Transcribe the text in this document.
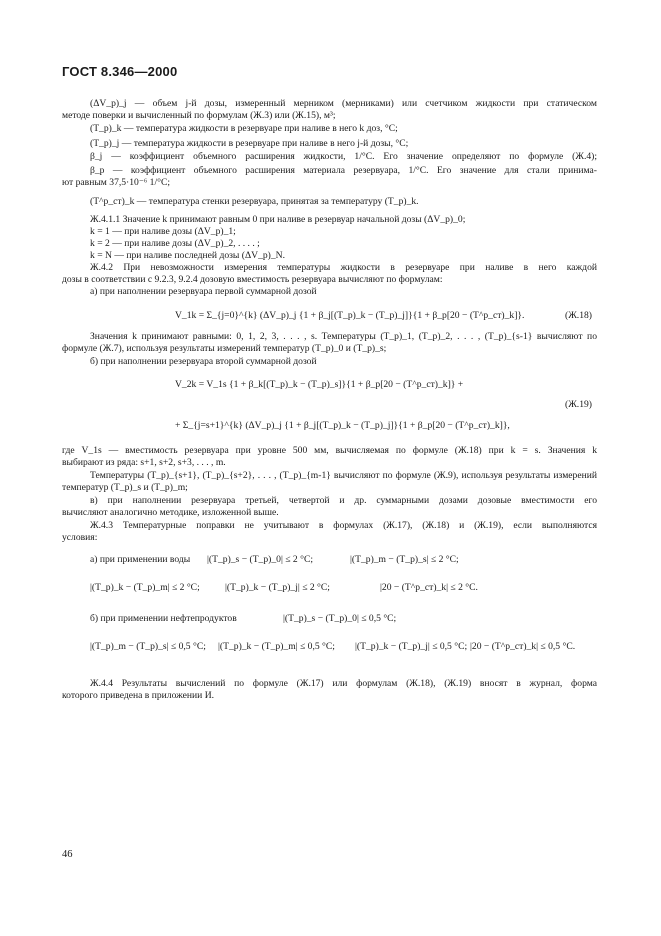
ГОСТ 8.346—2000
(ΔV_p)_j — объем j-й дозы, измеренный мерником (мерниками) или счетчиком жидкости при статическом
методе поверки и вычисленный по формулам (Ж.3) или (Ж.15), м³;
(T_p)_k — температура жидкости в резервуаре при наливе в него k доз, °С;
(T_p)_j — температура жидкости в резервуаре при наливе в него j-й дозы, °С;
β_j — коэффициент объемного расширения жидкости, 1/°С. Его значение определяют по формуле (Ж.4);
β_p — коэффициент объемного расширения материала резервуара, 1/°С. Его значение для стали принима-
ют равным 37,5·10⁻⁶ 1/°С;
(T^p_ст)_k — температура стенки резервуара, принятая за температуру (T_p)_k.
Ж.4.1.1 Значение k принимают равным 0 при наливе в резервуар начальной дозы (ΔV_p)_0;
k = 1 — при наливе дозы (ΔV_p)_1;
k = 2 — при наливе дозы (ΔV_p)_2, . . . . ;
k = N — при наливе последней дозы (ΔV_p)_N.
Ж.4.2 При невозможности измерения температуры жидкости в резервуаре при наливе в него каждой
дозы в соответствии с 9.2.3, 9.2.4 дозовую вместимость резервуара вычисляют по формулам:
а) при наполнении резервуара первой суммарной дозой
V_1k = Σ_{j=0}^{k} (ΔV_p)_j {1 + β_j[(T_p)_k − (T_p)_j]}{1 + β_p[20 − (T^p_ст)_k]}.	(Ж.18)
Значения k принимают равными: 0, 1, 2, 3, . . . , s. Температуры (T_p)_1, (T_p)_2, . . . , (T_p)_{s-1} вычисляют по
формуле (Ж.7), используя результаты измерений температур (T_p)_0 и (T_p)_s;
б) при наполнении резервуара второй суммарной дозой
V_2k = V_1s {1 + β_k[(T_p)_k − (T_p)_s]}{1 + β_p[20 − (T^p_ст)_k]} +
(Ж.19)
+ Σ_{j=s+1}^{k} (ΔV_p)_j {1 + β_j[(T_p)_k − (T_p)_j]}{1 + β_p[20 − (T^p_ст)_k]},
где V_1s — вместимость резервуара при уровне 500 мм, вычисляемая по формуле (Ж.18) при k = s. Значения k
выбирают из ряда: s+1, s+2, s+3, . . . , m.
Температуры (T_p)_{s+1}, (T_p)_{s+2}, . . . , (T_p)_{m-1} вычисляют по формуле (Ж.9), используя результаты измерений
температур (T_p)_s и (T_p)_m;
в) при наполнении резервуара третьей, четвертой и др. суммарными дозами дозовые вместимости его
вычисляют аналогично методике, изложенной выше.
Ж.4.3 Температурные поправки не учитывают в формулах (Ж.17), (Ж.18) и (Ж.19), если выполняются
условия:
а) при применении воды |(T_p)_s − (T_p)_0| ≤ 2 °С;	|(T_p)_m − (T_p)_s| ≤ 2 °С;
|(T_p)_k − (T_p)_m| ≤ 2 °С;	|(T_p)_k − (T_p)_j| ≤ 2 °С;	|20 − (T^p_ст)_k| ≤ 2 °С.
б) при применении нефтепродуктов	|(T_p)_s − (T_p)_0| ≤ 0,5 °С;
|(T_p)_m − (T_p)_s| ≤ 0,5 °С; |(T_p)_k − (T_p)_m| ≤ 0,5 °С; |(T_p)_k − (T_p)_j| ≤ 0,5 °С; |20 − (T^p_ст)_k| ≤ 0,5 °С.
Ж.4.4 Результаты вычислений по формуле (Ж.17) или формулам (Ж.18), (Ж.19) вносят в журнал, форма
которого приведена в приложении И.
46
